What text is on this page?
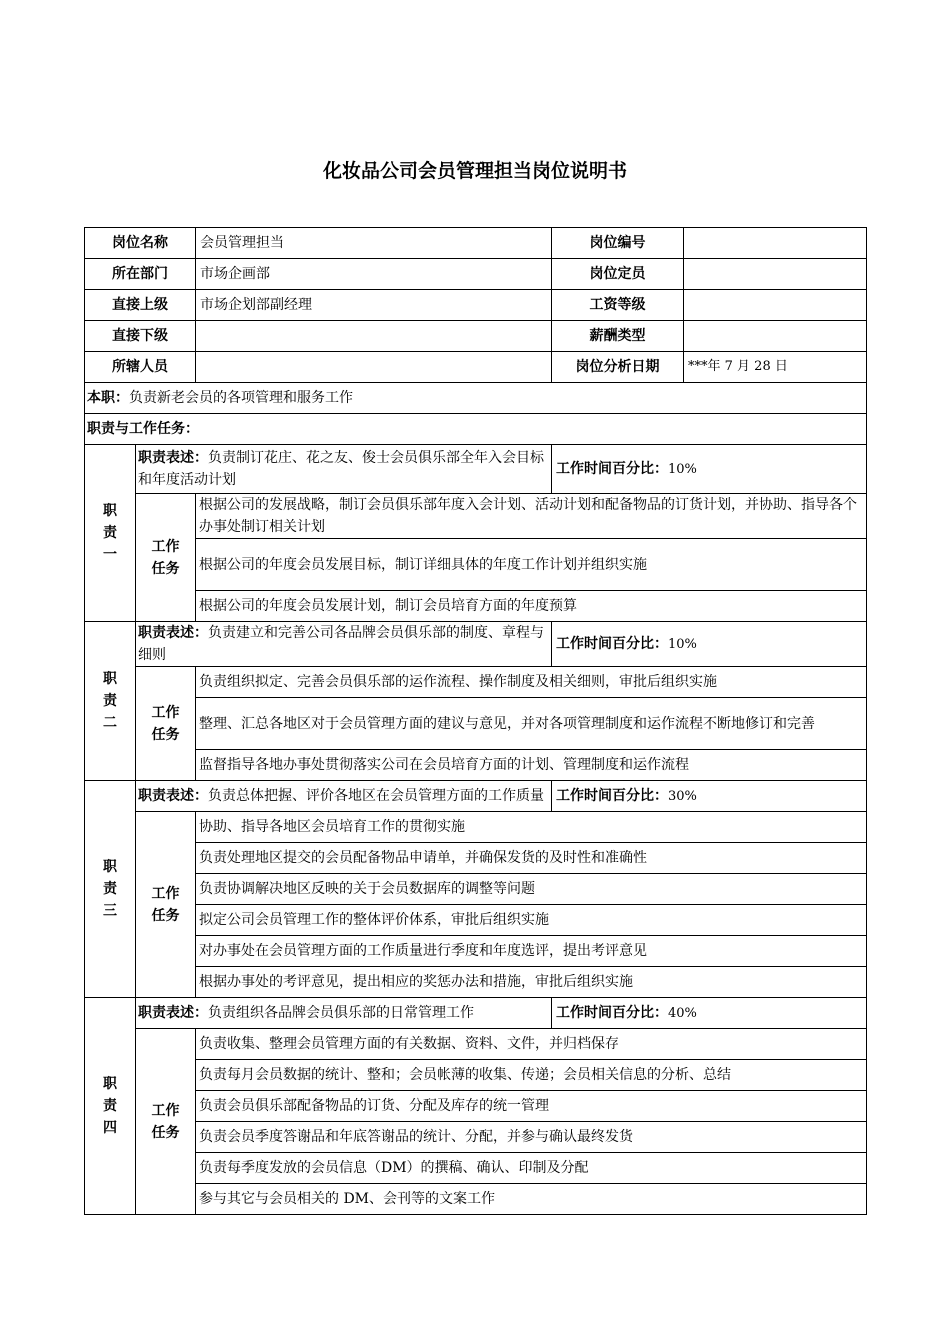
化妆品公司会员管理担当岗位说明书
岗位名称		会员管理担当	岗位编号	
所在部门		市场企画部	岗位定员	
直接上级		市场企划部副经理	工资等级	
直接下级			薪酬类型	
所辖人员			岗位分析日期	***年 7 月 28 日
本职：负责新老会员的各项管理和服务工作				
职责与工作任务：				

职责一	职责表述：负责制订花庄、花之友、俊士会员俱乐部全年入会目标和年度活动计划		工作时间百分比：10%	

	工作任务	根据公司的发展战略，制订会员俱乐部年度入会计划、活动计划和配备物品的订货计划，并协助、指导各个办事处制订相关计划		
		根据公司的年度会员发展目标，制订详细具体的年度工作计划并组织实施		
		根据公司的年度会员发展计划，制订会员培育方面的年度预算		

职责二	职责表述：负责建立和完善公司各品牌会员俱乐部的制度、章程与细则		工作时间百分比：10%	

	工作任务	负责组织拟定、完善会员俱乐部的运作流程、操作制度及相关细则，审批后组织实施		
		整理、汇总各地区对于会员管理方面的建议与意见，并对各项管理制度和运作流程不断地修订和完善		
		监督指导各地办事处贯彻落实公司在会员培育方面的计划、管理制度和运作流程		

职责三	职责表述：负责总体把握、评价各地区在会员管理方面的工作质量		工作时间百分比：30%	

	工作任务	协助、指导各地区会员培育工作的贯彻实施		
		负责处理地区提交的会员配备物品申请单，并确保发货的及时性和准确性		
		负责协调解决地区反映的关于会员数据库的调整等问题		
		拟定公司会员管理工作的整体评价体系，审批后组织实施		
		对办事处在会员管理方面的工作质量进行季度和年度选评，提出考评意见		
		根据办事处的考评意见，提出相应的奖惩办法和措施，审批后组织实施		

职责四	职责表述：负责组织各品牌会员俱乐部的日常管理工作		工作时间百分比：40%	

	工作任务	负责收集、整理会员管理方面的有关数据、资料、文件，并归档保存		
		负责每月会员数据的统计、整和；会员帐薄的收集、传递；会员相关信息的分析、总结		
		负责会员俱乐部配备物品的订货、分配及库存的统一管理		
		负责会员季度答谢品和年底答谢品的统计、分配，并参与确认最终发货		
		负责每季度发放的会员信息（DM）的撰稿、确认、印制及分配		
		参与其它与会员相关的 DM、会刊等的文案工作		
